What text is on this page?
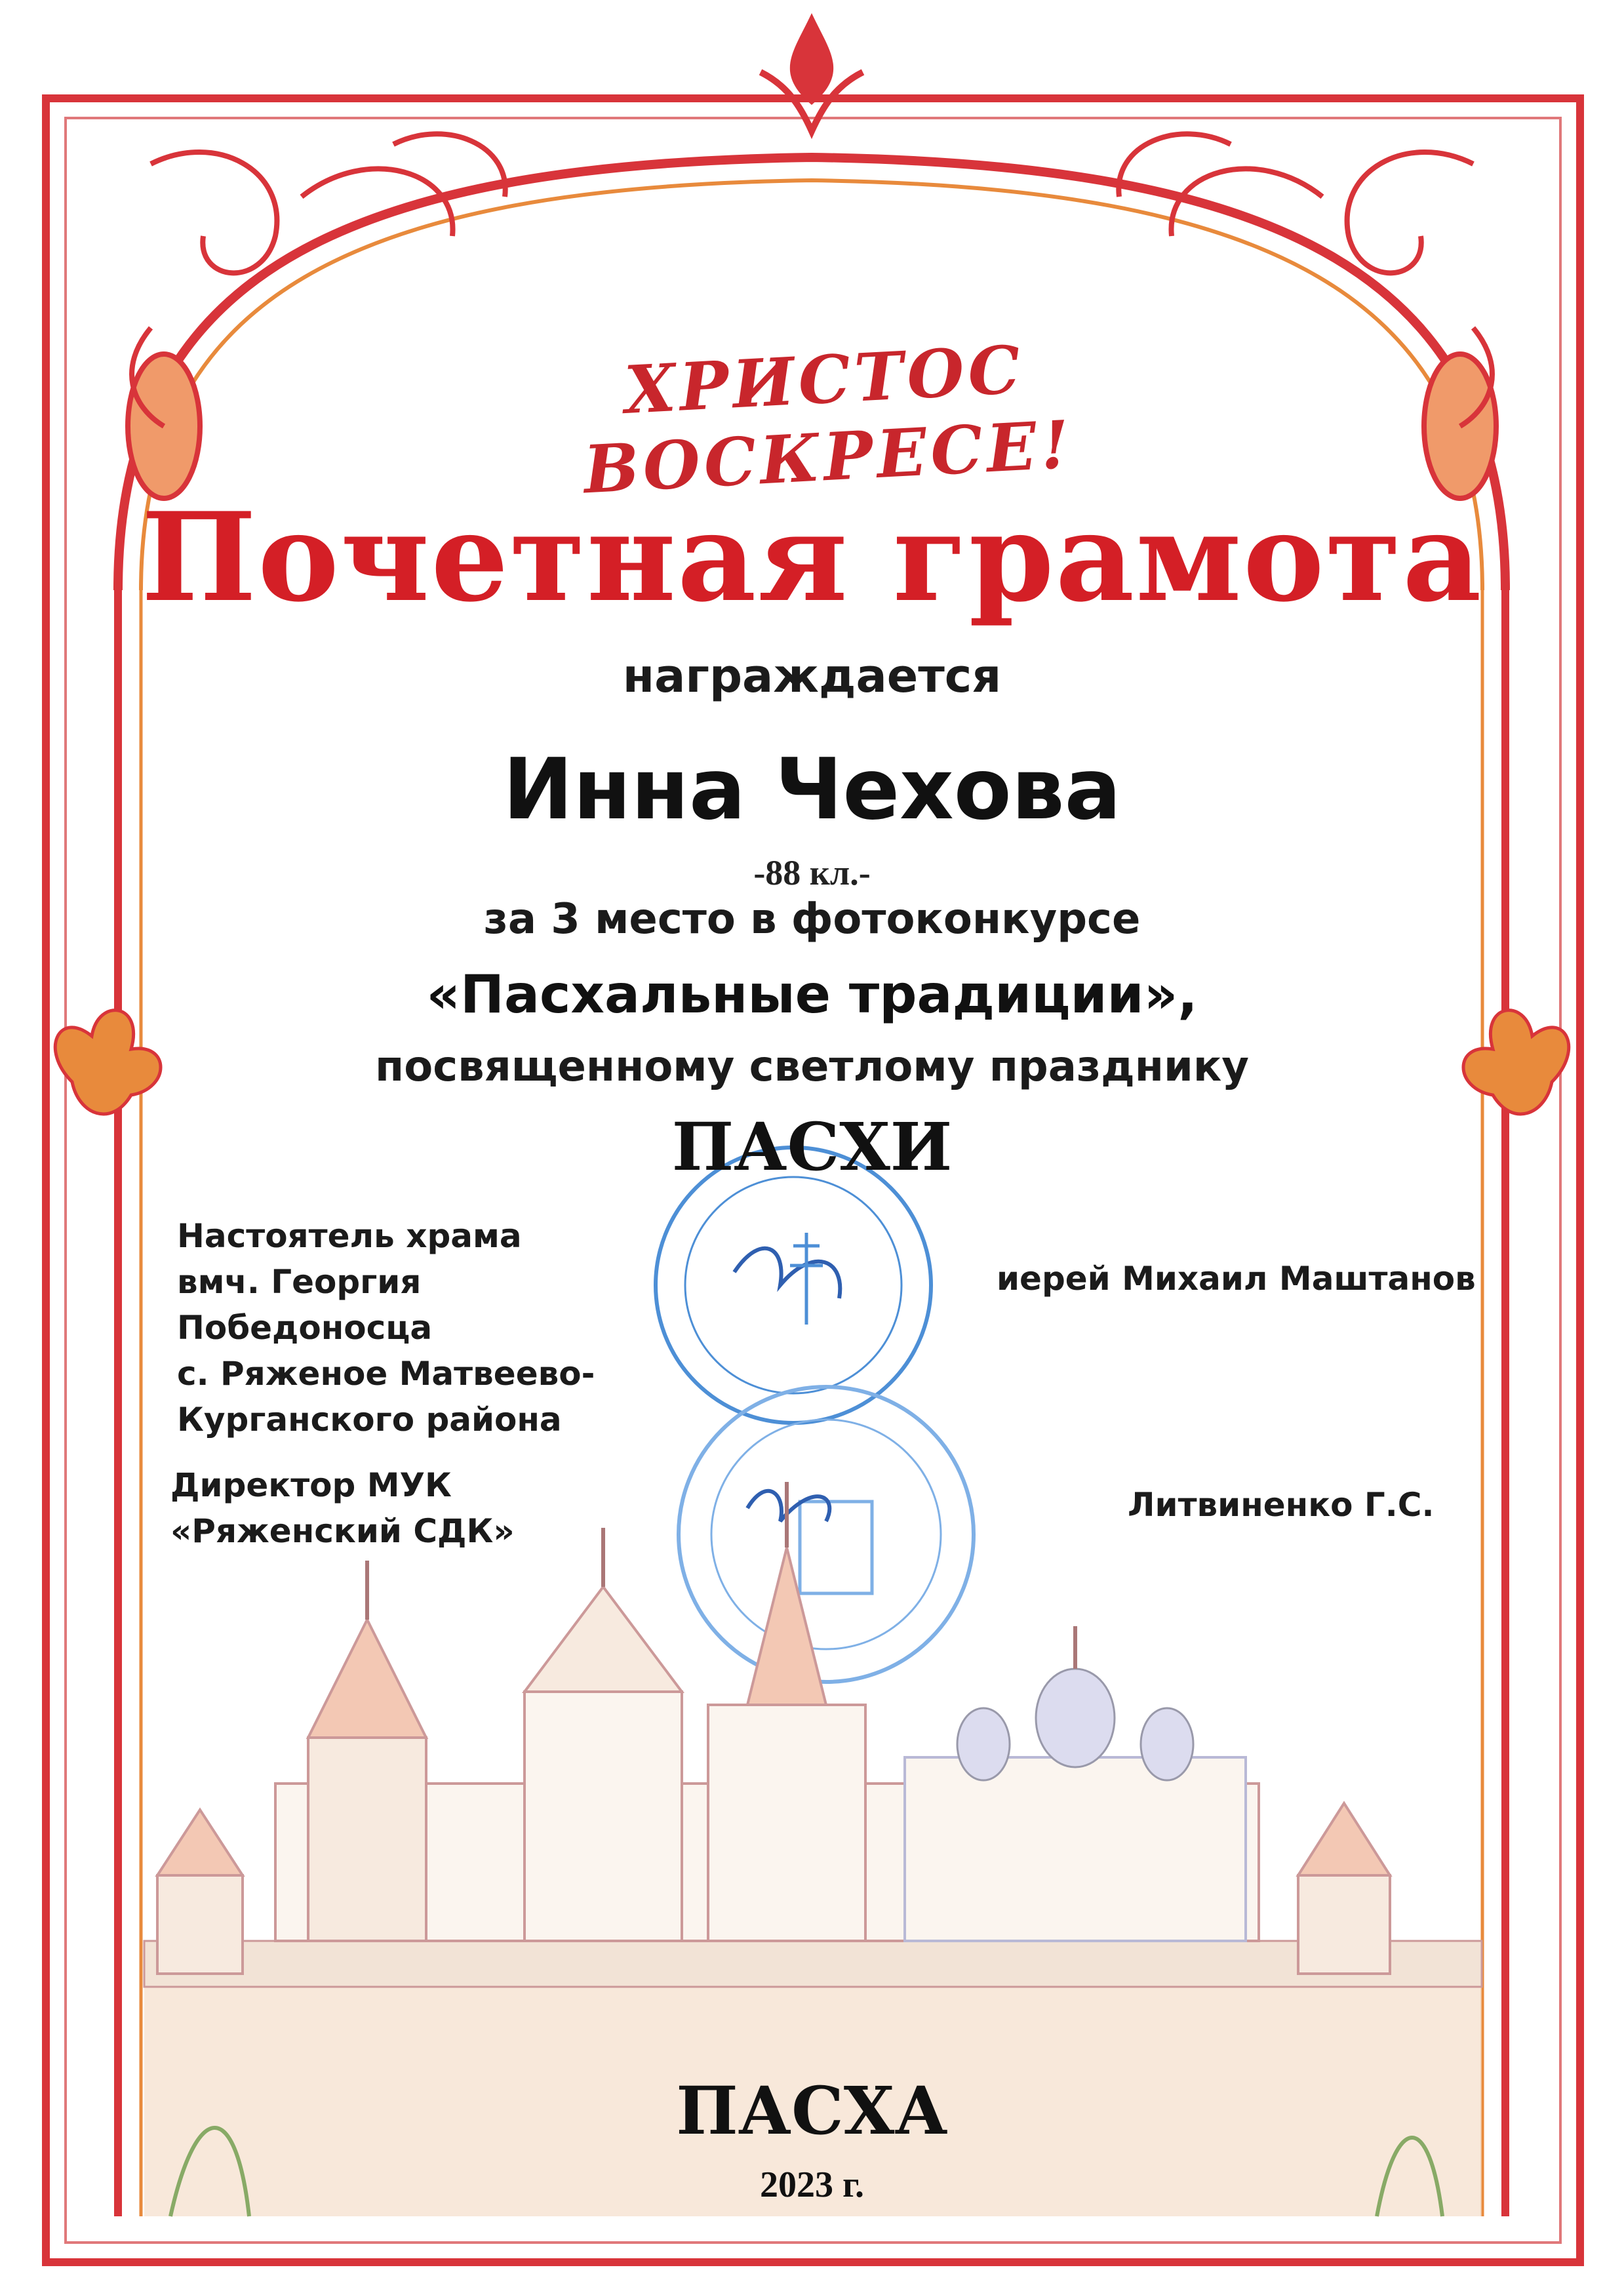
ХРИСТОС ВОСКРЕСЕ!
Почетная грамота
награждается
Инна Чехова
-88 кл.-
за 3 место в фотоконкурсе
«Пасхальные традиции»,
посвященному светлому празднику
ПАСХИ
Настоятель храма
вмч. Георгия Победоносца
с. Ряженое Матвеево-
Курганского района
иерей Михаил Маштанов
Директор МУК
«Ряженский СДК»
Литвиненко Г.С.
ПАСХА
2023 г.
